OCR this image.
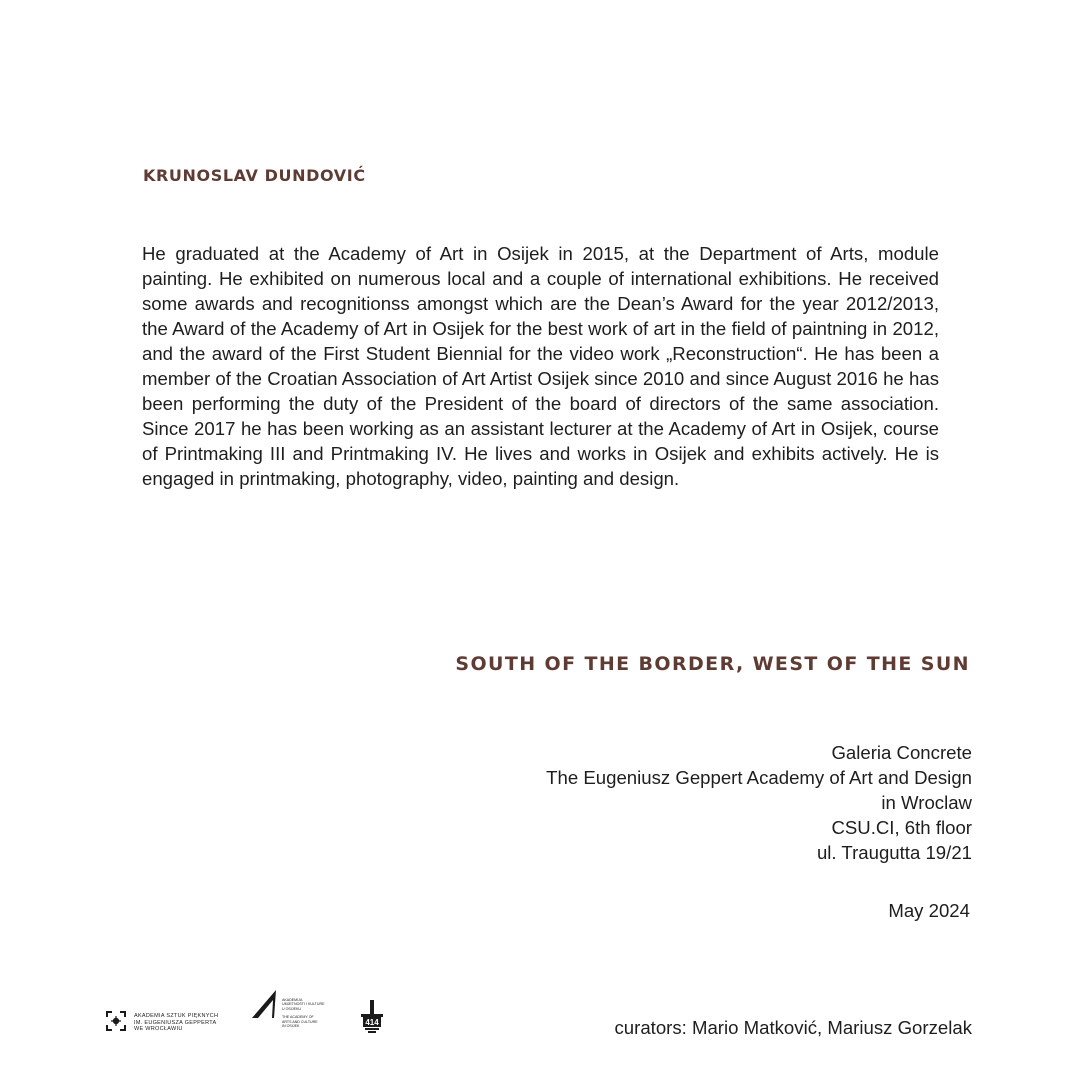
KRUNOSLAV DUNDOVIĆ

He graduated at the Academy of Art in Osijek in 2015, at the Department of Arts, module painting. He exhibited on numerous local and a couple of international exhibitions. He received some awards and recognitionss amongst which are the Dean’s Award for the year 2012/2013, the Award of the Academy of Art in Osijek for the best work of art in the field of paintning in 2012, and the award of the First Student Biennial for the video work „Reconstruction“. He has been a member of the Croatian Association of Art Artist Osijek since 2010 and since August 2016 he has been performing the duty of the President of the board of directors of the same association. Since 2017 he has been working as an assistant lecturer at the Academy of Art in Osijek, course of Printmaking III and Printmaking IV. He lives and works in Osijek and exhibits actively. He is engaged in printmaking, photography, video, painting and design.

SOUTH OF THE BORDER, WEST OF THE SUN
Galeria Concrete
The Eugeniusz Geppert Academy of Art and Design
in Wroclaw
CSU.CI, 6th floor
ul. Traugutta 19/21
May 2024
curators: Mario Matković, Mariusz Gorzelak
AKADEMIA SZTUK PIĘKNYCH
IM. EUGENIUSZA GEPPERTA
WE WROCŁAWIU
AKADEMIJA
UMJETNOSTI I KULTURE
U OSIJEKU
THE ACADEMY OF
ARTS AND CULTURE
IN OSIJEK	414
